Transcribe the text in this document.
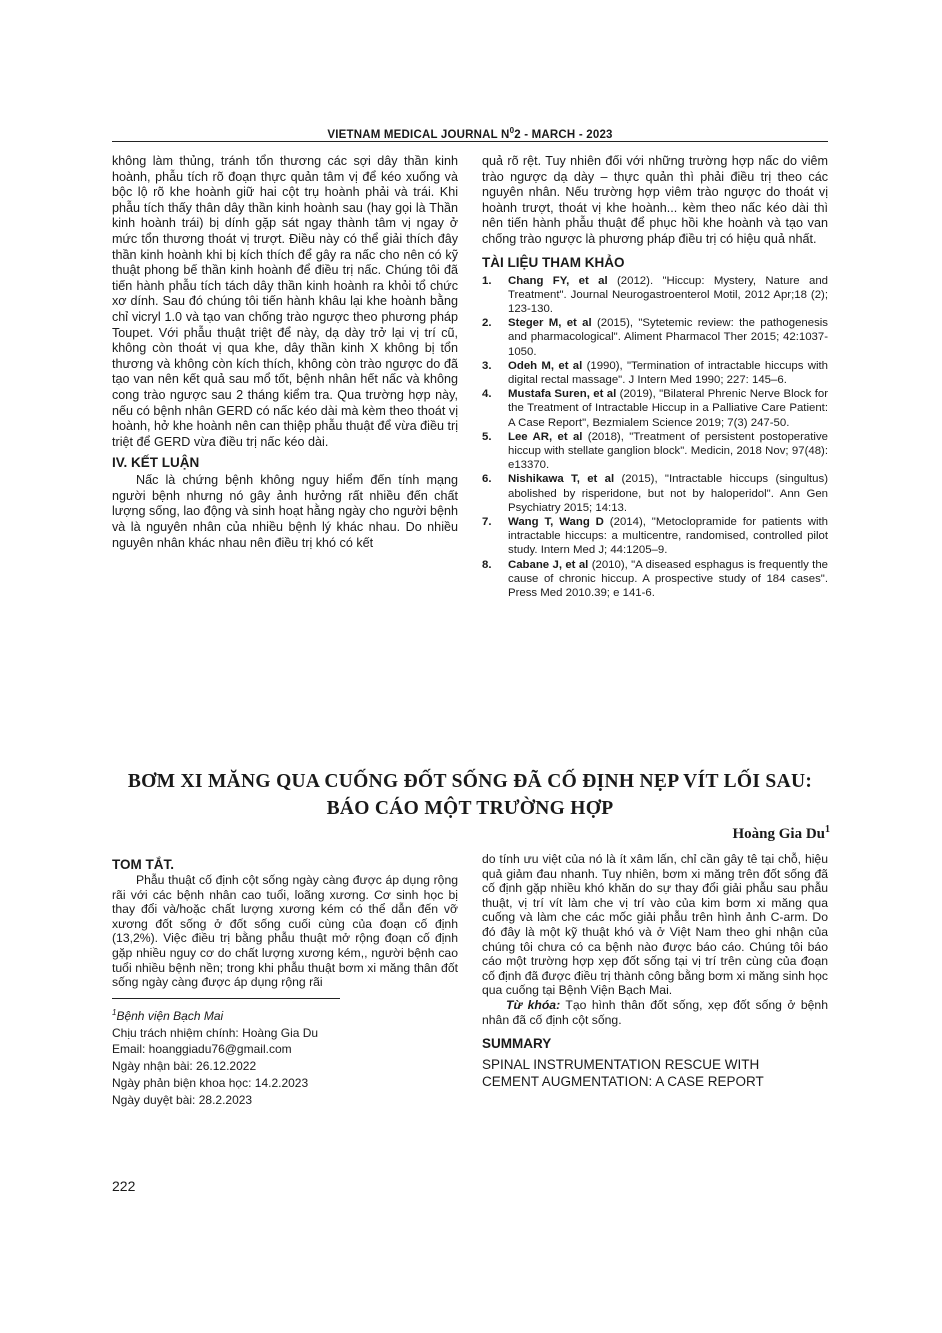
VIETNAM MEDICAL JOURNAL $N^02$ - MARCH - 2023

không làm thủng, tránh tổn thương các sợi dây thần kinh hoành, phẫu tích rõ đoạn thực quản tâm vị để kéo xuống và bộc lộ rõ khe hoành giữ hai cột trụ hoành phải và trái. Khi phẫu tích thấy thân dây thần kinh hoành sau (hay gọi là Thần kinh hoành trái) bị dính gặp sát ngay thành tâm vị ngay ở mức tổn thương thoát vị trượt. Điều này có thể giải thích đây thần kinh hoành khi bị kích thích để gây ra nấc cho nên có kỹ thuật phong bế thần kinh hoành để điều trị nấc. Chúng tôi đã tiến hành phẫu tích tách dây thần kinh hoành ra khỏi tổ chức xơ dính. Sau đó chúng tôi tiến hành khâu lại khe hoành bằng chỉ vicryl 1.0 và tạo van chống trào ngược theo phương pháp Toupet. Với phẫu thuật triệt để này, dạ dày trở lại vị trí cũ, không còn thoát vị qua khe, dây thần kinh X không bị tổn thương và không còn kích thích, không còn trào ngược do đã tạo van nên kết quả sau mổ tốt, bệnh nhân hết nấc và không cong trào ngược sau 2 tháng kiểm tra. Qua trường hợp này, nếu có bệnh nhân GERD có nấc kéo dài mà kèm theo thoát vị hoành, hở khe hoành nên can thiệp phẫu thuật để vừa điều trị triệt để GERD vừa điều trị nấc kéo dài.

IV. KẾT LUẬN

Nấc là chứng bệnh không nguy hiểm đến tính mạng người bệnh nhưng nó gây ảnh hưởng rất nhiều đến chất lượng sống, lao động và sinh hoạt hằng ngày cho người bệnh và là nguyên nhân của nhiều bệnh lý khác nhau. Do nhiều nguyên nhân khác nhau nên điều trị khó có kết

quả rõ rệt. Tuy nhiên đối với những trường hợp nấc do viêm trào ngược dạ dày – thực quản thì phải điều trị theo các nguyên nhân. Nếu trường hợp viêm trào ngược do thoát vị hoành trượt, thoát vị khe hoành... kèm theo nấc kéo dài thì nên tiến hành phẫu thuật để phục hồi khe hoành và tạo van chống trào ngược là phương pháp điều trị có hiệu quả nhất.

TÀI LIỆU THAM KHẢO
1.	Chang FY, et al (2012). "Hiccup: Mystery, Nature and Treatment". Journal Neurogastroenterol Motil, 2012 Apr;18 (2); 123-130.
2.	Steger M, et al (2015), "Sytetemic review: the pathogenesis and pharmacological". Aliment Pharmacol Ther 2015; 42:1037-1050.
3.	Odeh M, et al (1990), "Termination of intractable hiccups with digital rectal massage". J Intern Med 1990; 227: 145–6.
4.	Mustafa Suren, et al (2019), "Bilateral Phrenic Nerve Block for the Treatment of Intractable Hiccup in a Palliative Care Patient: A Case Report", Bezmialem Science 2019; 7(3) 247-50.
5.	Lee AR, et al (2018), "Treatment of persistent postoperative hiccup with stellate ganglion block". Medicin, 2018 Nov; 97(48): e13370.
6.	Nishikawa T, et al (2015), "Intractable hiccups (singultus) abolished by risperidone, but not by haloperidol". Ann Gen Psychiatry 2015; 14:13.
7.	Wang T, Wang D (2014), "Metoclopramide for patients with intractable hiccups: a multicentre, randomised, controlled pilot study. Intern Med J; 44:1205–9.
8.	Cabane J, et al (2010), "A diseased esphagus is frequently the cause of chronic hiccup. A prospective study of 184 cases". Press Med 2010.39; e 141-6.
BƠM XI MĂNG QUA CUỐNG ĐỐT SỐNG ĐÃ CỐ ĐỊNH NẸP VÍT LỐI SAU:
BÁO CÁO MỘT TRƯỜNG HỢP
Hoàng Gia Du$^1$
TOM TẮT.

Phẫu thuật cố định cột sống ngày càng được áp dụng rộng rãi với các bệnh nhân cao tuổi, loãng xương. Cơ sinh học bị thay đổi và/hoặc chất lượng xương kém có thể dẫn đến vỡ xương đốt sống ở đốt sống cuối cùng của đoạn cố định (13,2%). Việc điều trị bằng phẫu thuật mở rộng đoạn cố định gặp nhiều nguy cơ do chất lượng xương kém,, người bệnh cao tuổi nhiều bệnh nền; trong khi phẫu thuật bơm xi măng thân đốt sống ngày càng được áp dụng rộng rãi

$^1$Bệnh viện Bạch Mai
Chịu trách nhiệm chính: Hoàng Gia Du
Email: hoanggiadu76@gmail.com
Ngày nhận bài: 26.12.2022
Ngày phản biện khoa học: 14.2.2023
Ngày duyệt bài: 28.2.2023

do tính ưu việt của nó là ít xâm lấn, chỉ cần gây tê tại chỗ, hiệu quả giảm đau nhanh. Tuy nhiên, bơm xi măng trên đốt sống đã cố định gặp nhiều khó khăn do sự thay đổi giải phẫu sau phẫu thuật, vị trí vít làm che vị trí vào của kim bơm xi măng qua cuống và làm che các mốc giải phẫu trên hình ảnh C-arm. Do đó đây là một kỹ thuật khó và ở Việt Nam theo ghi nhận của chúng tôi chưa có ca bệnh nào được báo cáo. Chúng tôi báo cáo một trường hợp xẹp đốt sống tại vị trí trên cùng của đoạn cố định đã được điều trị thành công bằng bơm xi măng sinh học qua cuống tại Bệnh Viện Bạch Mai.

Từ khóa: Tạo hình thân đốt sống, xẹp đốt sống ở bệnh nhân đã cố định cột sống.

SUMMARY
SPINAL INSTRUMENTATION RESCUE WITH
CEMENT AUGMENTATION: A CASE REPORT
222
